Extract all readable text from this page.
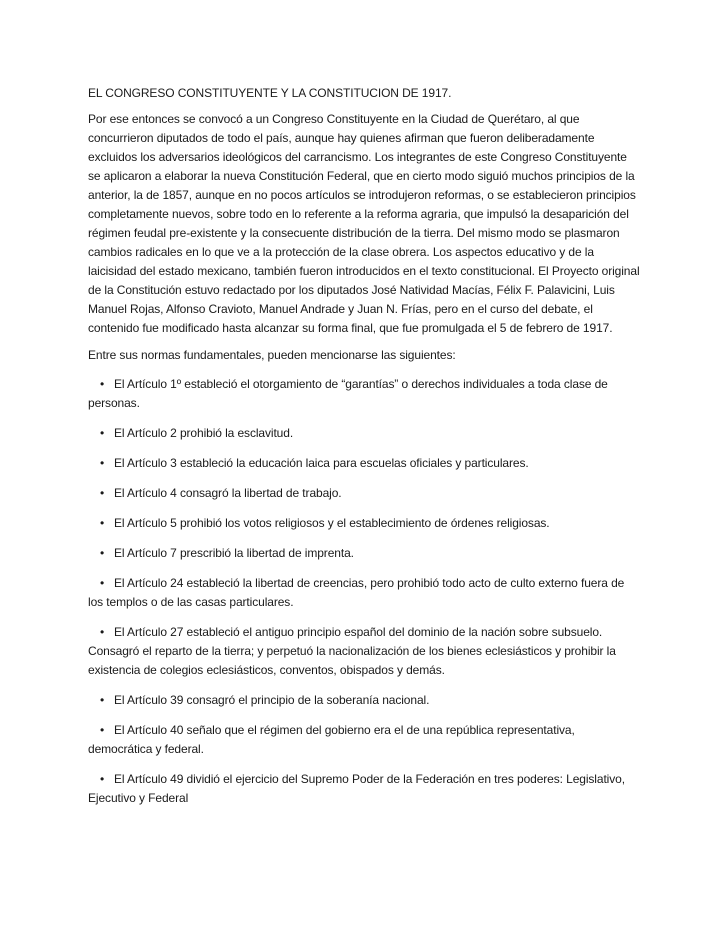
EL CONGRESO CONSTITUYENTE Y LA CONSTITUCION DE 1917.

Por ese entonces se convocó a un Congreso Constituyente en la Ciudad de Querétaro, al que concurrieron diputados de todo el país, aunque hay quienes afirman que fueron deliberadamente excluidos los adversarios ideológicos del carrancismo. Los integrantes de este Congreso Constituyente se aplicaron a elaborar la nueva Constitución Federal, que en cierto modo siguió muchos principios de la anterior, la de 1857, aunque en no pocos artículos se introdujeron reformas, o se establecieron principios completamente nuevos, sobre todo en lo referente a la reforma agraria, que impulsó la desaparición del régimen feudal pre-existente y la consecuente distribución de la tierra. Del mismo modo se plasmaron cambios radicales en lo que ve a la protección de la clase obrera. Los aspectos educativo y de la laicisidad del estado mexicano, también fueron introducidos en el texto constitucional. El Proyecto original de la Constitución estuvo redactado por los diputados José Natividad Macías, Félix F. Palavicini, Luis Manuel Rojas, Alfonso Cravioto, Manuel Andrade y Juan N. Frías, pero en el curso del debate, el contenido fue modificado hasta alcanzar su forma final, que fue promulgada el 5 de febrero de 1917.

Entre sus normas fundamentales, pueden mencionarse las siguientes:

• El Artículo 1º estableció el otorgamiento de “garantías” o derechos individuales a toda clase de personas.

• El Artículo 2 prohibió la esclavitud.

• El Artículo 3 estableció la educación laica para escuelas oficiales y particulares.

• El Artículo 4 consagró la libertad de trabajo.

• El Artículo 5 prohibió los votos religiosos y el establecimiento de órdenes religiosas.

• El Artículo 7 prescribió la libertad de imprenta.

• El Artículo 24 estableció la libertad de creencias, pero prohibió todo acto de culto externo fuera de los templos o de las casas particulares.

• El Artículo 27 estableció el antiguo principio español del dominio de la nación sobre subsuelo. Consagró el reparto de la tierra; y perpetuó la nacionalización de los bienes eclesiásticos y prohibir la existencia de colegios eclesiásticos, conventos, obispados y demás.

• El Artículo 39 consagró el principio de la soberanía nacional.

• El Artículo 40 señalo que el régimen del gobierno era el de una república representativa, democrática y federal.

• El Artículo 49 dividió el ejercicio del Supremo Poder de la Federación en tres poderes: Legislativo, Ejecutivo y Federal
